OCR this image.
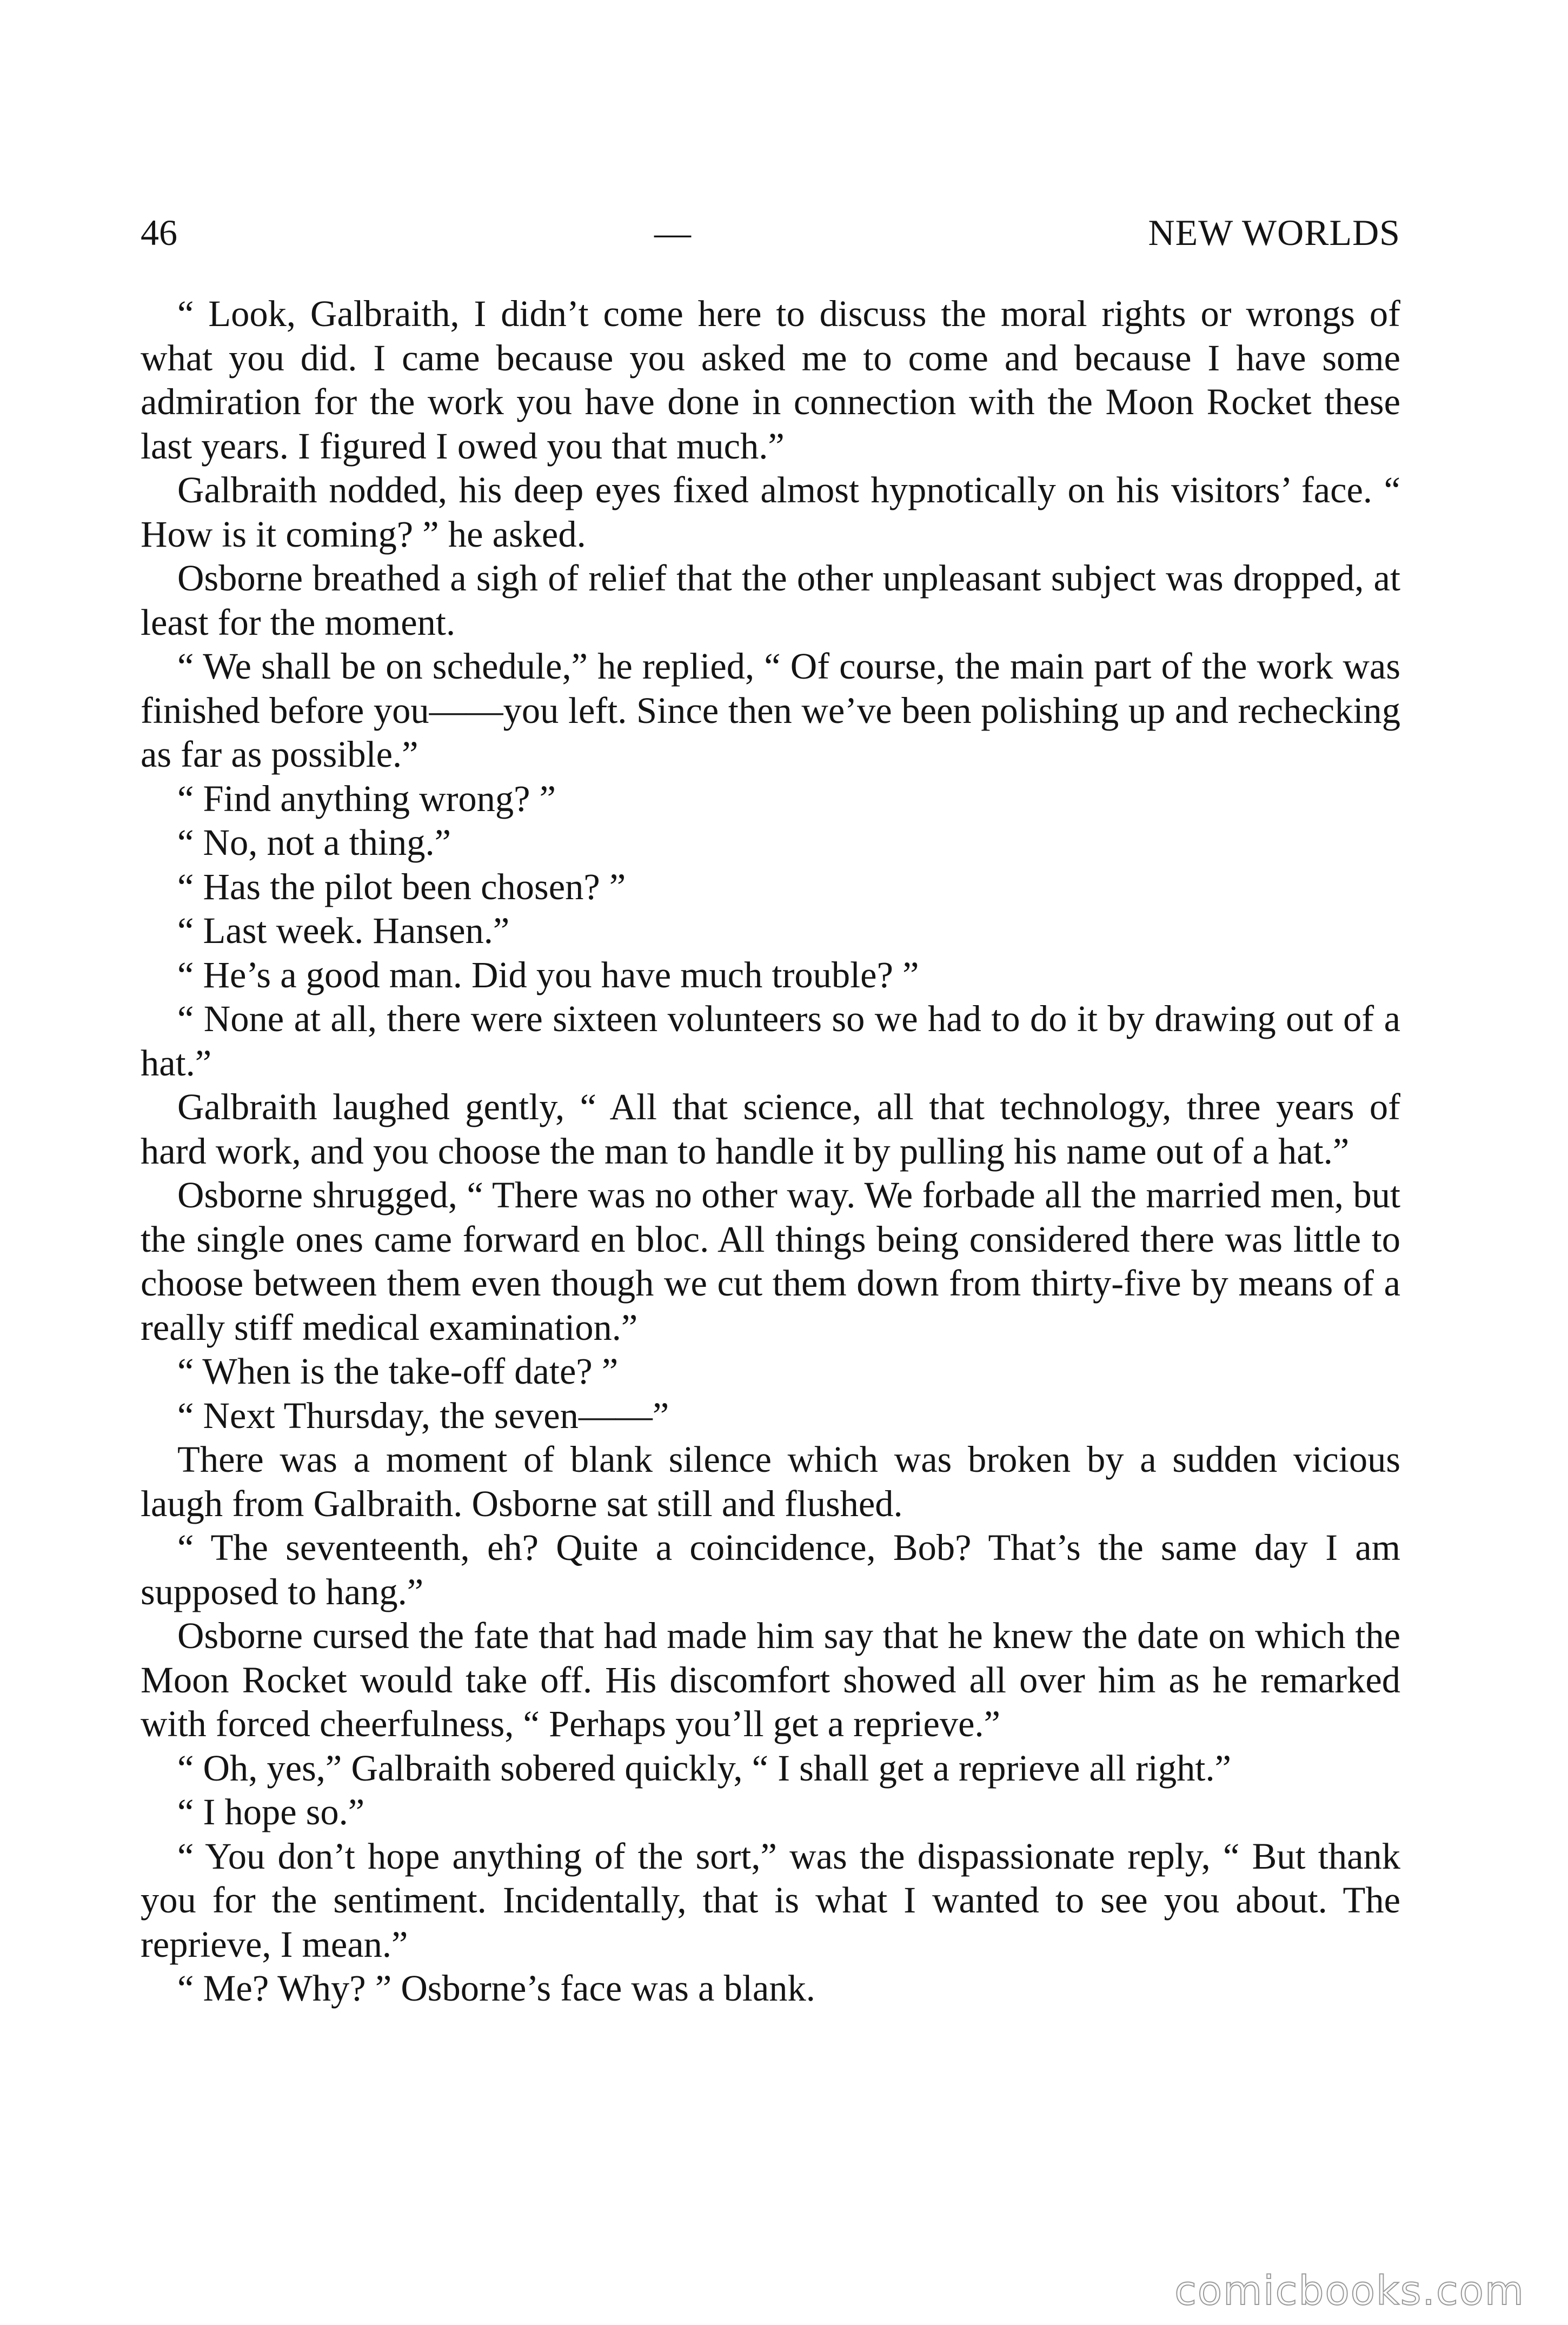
46	—	NEW WORLDS

“ Look, Galbraith, I didn’t come here to discuss the moral rights or wrongs of what you did. I came because you asked me to come and because I have some admiration for the work you have done in connection with the Moon Rocket these last years. I figured I owed you that much.”

Galbraith nodded, his deep eyes fixed almost hypnotically on his visitors’ face. “ How is it coming? ” he asked.

Osborne breathed a sigh of relief that the other unpleasant subject was dropped, at least for the moment.

“ We shall be on schedule,” he replied, “ Of course, the main part of the work was finished before you——you left. Since then we’ve been polishing up and rechecking as far as possible.”

“ Find anything wrong? ”

“ No, not a thing.”

“ Has the pilot been chosen? ”

“ Last week. Hansen.”

“ He’s a good man. Did you have much trouble? ”

“ None at all, there were sixteen volunteers so we had to do it by drawing out of a hat.”

Galbraith laughed gently, “ All that science, all that technology, three years of hard work, and you choose the man to handle it by pulling his name out of a hat.”

Osborne shrugged, “ There was no other way. We forbade all the married men, but the single ones came forward en bloc. All things being considered there was little to choose between them even though we cut them down from thirty-five by means of a really stiff medical examination.”

“ When is the take-off date? ”

“ Next Thursday, the seven——”

There was a moment of blank silence which was broken by a sudden vicious laugh from Galbraith. Osborne sat still and flushed.

“ The seventeenth, eh? Quite a coincidence, Bob? That’s the same day I am supposed to hang.”

Osborne cursed the fate that had made him say that he knew the date on which the Moon Rocket would take off. His discomfort showed all over him as he remarked with forced cheerfulness, “ Perhaps you’ll get a reprieve.”

“ Oh, yes,” Galbraith sobered quickly, “ I shall get a reprieve all right.”

“ I hope so.”

“ You don’t hope anything of the sort,” was the dispassionate reply, “ But thank you for the sentiment. Incidentally, that is what I wanted to see you about. The reprieve, I mean.”

“ Me? Why? ” Osborne’s face was a blank.

comicbooks.com
